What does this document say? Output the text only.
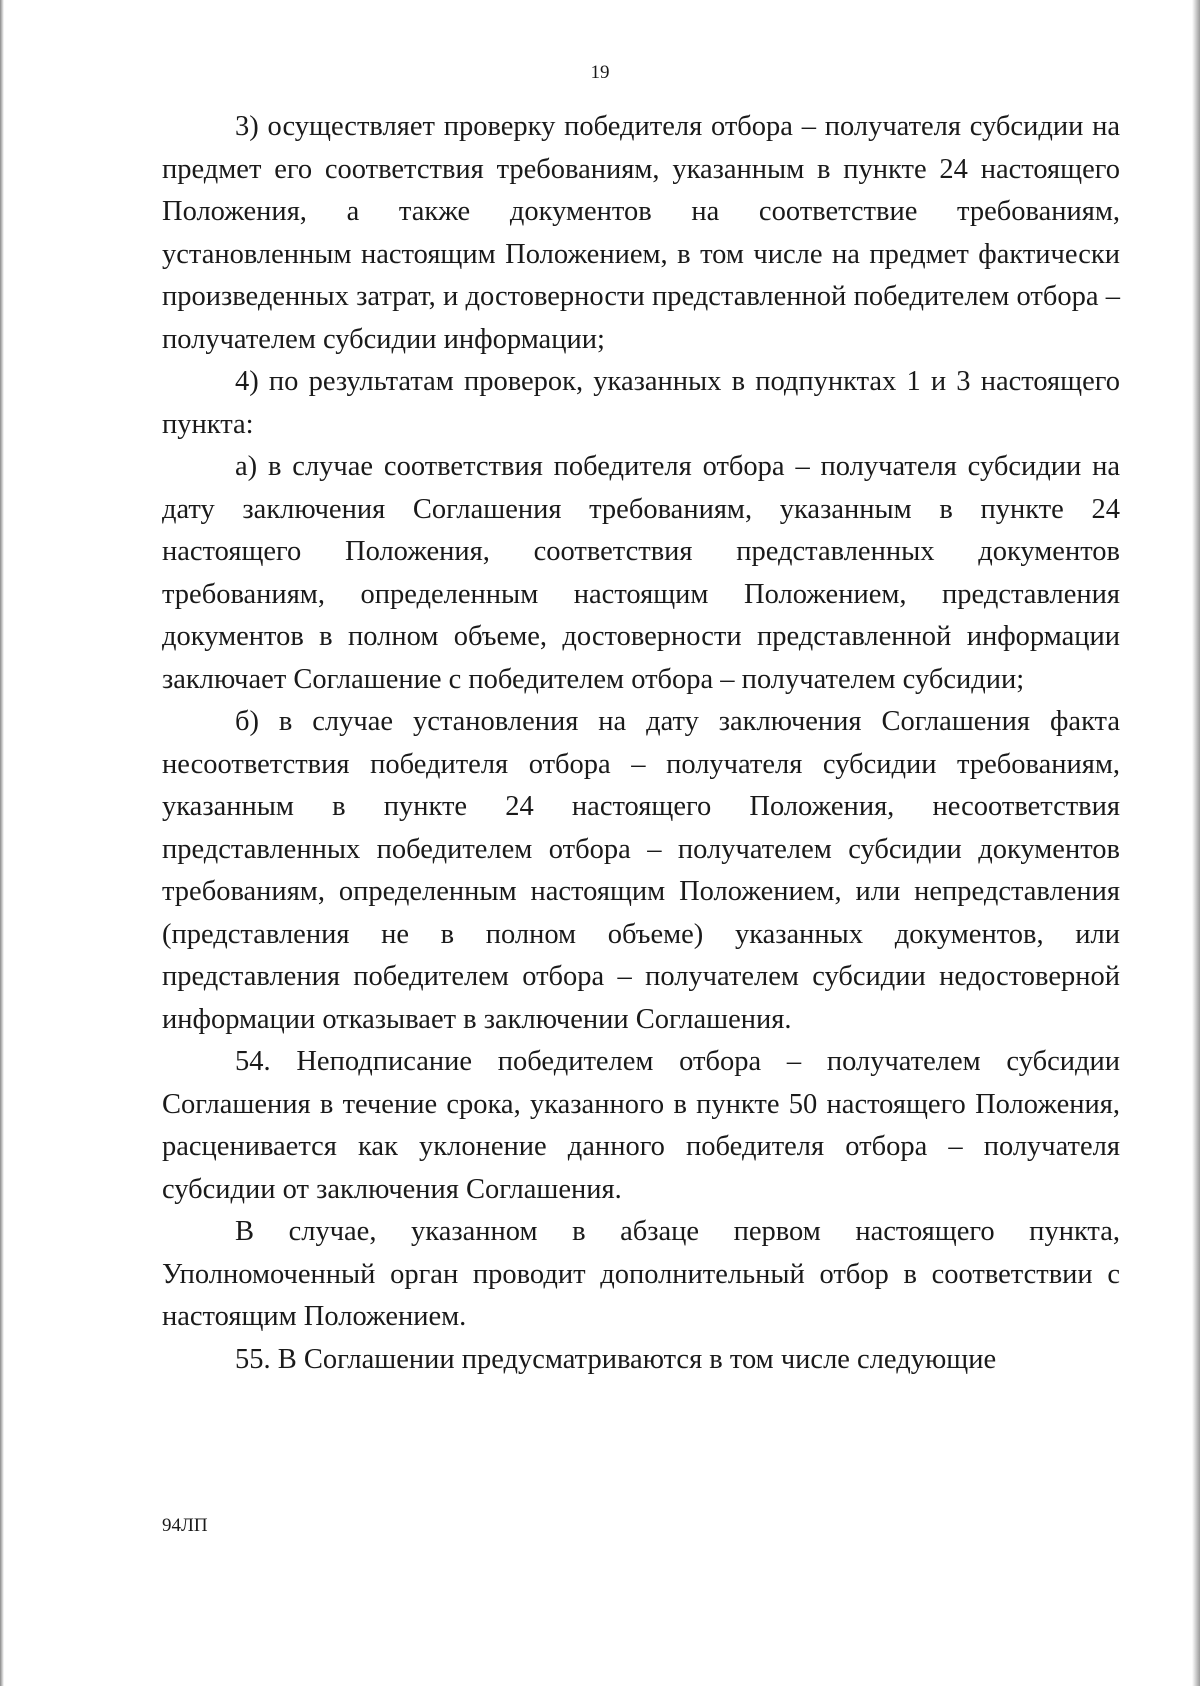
19

3) осуществляет проверку победителя отбора – получателя субсидии на предмет его соответствия требованиям, указанным в пункте 24 настоящего Положения, а также документов на соответствие требованиям, установленным настоящим Положением, в том числе на предмет фактически произведенных затрат, и достоверности представленной победителем отбора – получателем субсидии информации;

4) по результатам проверок, указанных в подпунктах 1 и 3 настоящего пункта:

а) в случае соответствия победителя отбора – получателя субсидии на дату заключения Соглашения требованиям, указанным в пункте 24 настоящего Положения, соответствия представленных документов требованиям, определенным настоящим Положением, представления документов в полном объеме, достоверности представленной информации заключает Соглашение с победителем отбора – получателем субсидии;

б) в случае установления на дату заключения Соглашения факта несоответствия победителя отбора – получателя субсидии требованиям, указанным в пункте 24 настоящего Положения, несоответствия представленных победителем отбора – получателем субсидии документов требованиям, определенным настоящим Положением, или непредставления (представления не в полном объеме) указанных документов, или представления победителем отбора – получателем субсидии недостоверной информации отказывает в заключении Соглашения.

54. Неподписание победителем отбора – получателем субсидии Соглашения в течение срока, указанного в пункте 50 настоящего Положения, расценивается как уклонение данного победителя отбора – получателя субсидии от заключения Соглашения.

В случае, указанном в абзаце первом настоящего пункта, Уполномоченный орган проводит дополнительный отбор в соответствии с настоящим Положением.

55. В Соглашении предусматриваются в том числе следующие

94ЛП
